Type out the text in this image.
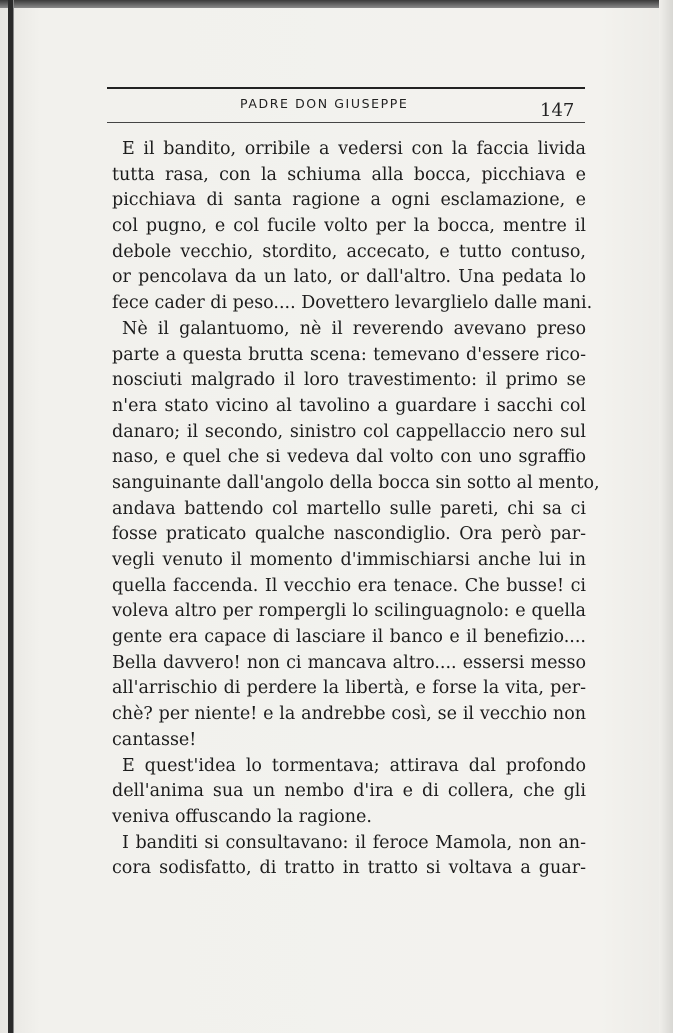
PADRE DON GIUSEPPE	147
E il bandito, orribile a vedersi con la faccia livida
tutta rasa, con la schiuma alla bocca, picchiava e
picchiava di santa ragione a ogni esclamazione, e
col pugno, e col fucile volto per la bocca, mentre il
debole vecchio, stordito, accecato, e tutto contuso,
or pencolava da un lato, or dall'altro. Una pedata lo
fece cader di peso.... Dovettero levarglielo dalle mani.
Nè il galantuomo, nè il reverendo avevano preso
parte a questa brutta scena: temevano d'essere rico-
nosciuti malgrado il loro travestimento: il primo se
n'era stato vicino al tavolino a guardare i sacchi col
danaro; il secondo, sinistro col cappellaccio nero sul
naso, e quel che si vedeva dal volto con uno sgraffio
sanguinante dall'angolo della bocca sin sotto al mento,
andava battendo col martello sulle pareti, chi sa ci
fosse praticato qualche nascondiglio. Ora però par-
vegli venuto il momento d'immischiarsi anche lui in
quella faccenda. Il vecchio era tenace. Che busse! ci
voleva altro per rompergli lo scilinguagnolo: e quella
gente era capace di lasciare il banco e il benefizio....
Bella davvero! non ci mancava altro.... essersi messo
all'arrischio di perdere la libertà, e forse la vita, per-
chè? per niente! e la andrebbe così, se il vecchio non
cantasse!
E quest'idea lo tormentava; attirava dal profondo
dell'anima sua un nembo d'ira e di collera, che gli
veniva offuscando la ragione.
I banditi si consultavano: il feroce Mamola, non an-
cora sodisfatto, di tratto in tratto si voltava a guar-
